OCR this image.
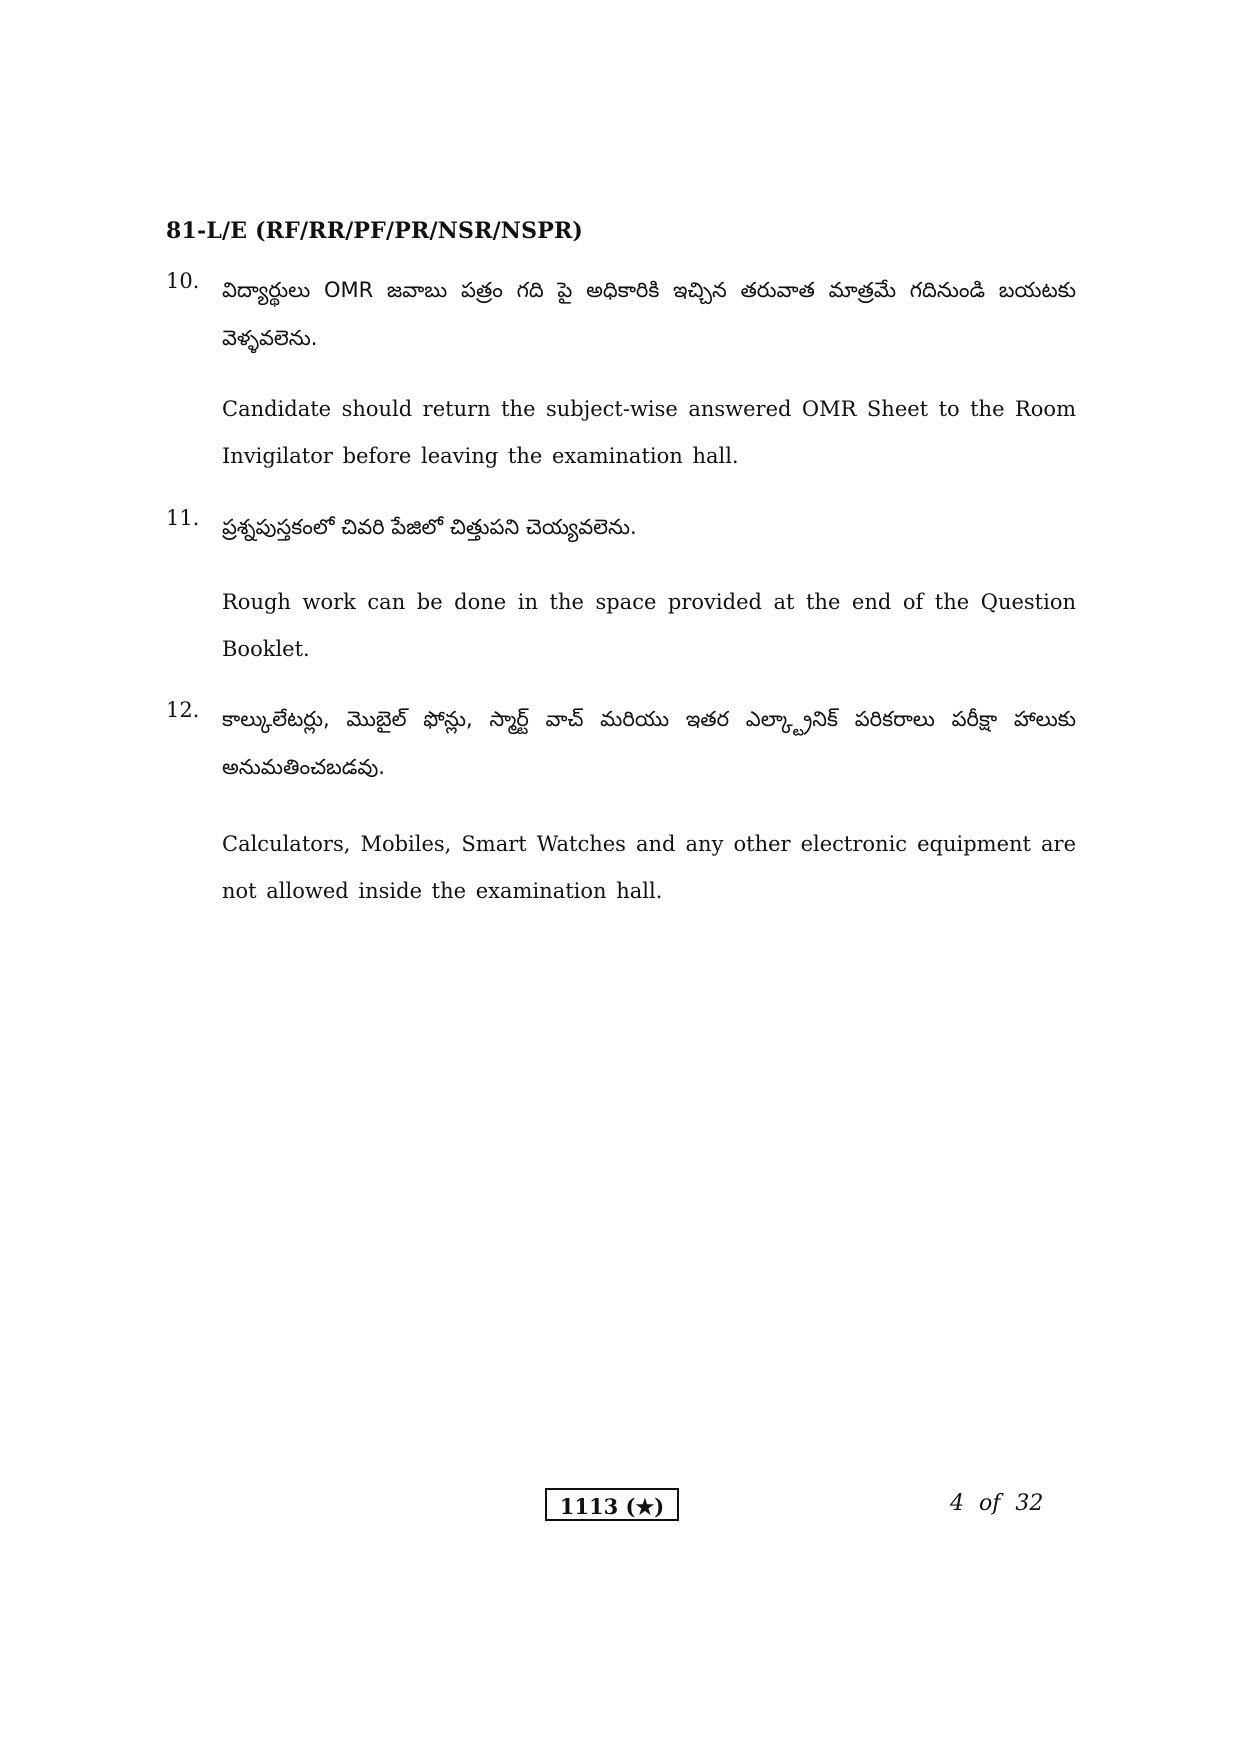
81-L/E (RF/RR/PF/PR/NSR/NSPR)
10. విద్యార్థులు OMR జవాబు పత్రం గది పై అధికారికి ఇచ్చిన తరువాత మాత్రమే గదినుండి బయటకు వెళ్ళవలెను.
Candidate should return the subject-wise answered OMR Sheet to the Room Invigilator before leaving the examination hall.
11. ప్రశ్నపుస్తకంలో చివరి పేజిలో చిత్తుపని చెయ్యవలెను.
Rough work can be done in the space provided at the end of the Question Booklet.
12. కాల్కులేటర్లు, మొబైల్ ఫోన్లు, స్మార్ట్ వాచ్ మరియు ఇతర ఎల్క్ట్రానిక్ పరికరాలు పరీక్షా హాలుకు అనుమతించబడవు.
Calculators, Mobiles, Smart Watches and any other electronic equipment are not allowed inside the examination hall.
1113 (★)	4 of 32
